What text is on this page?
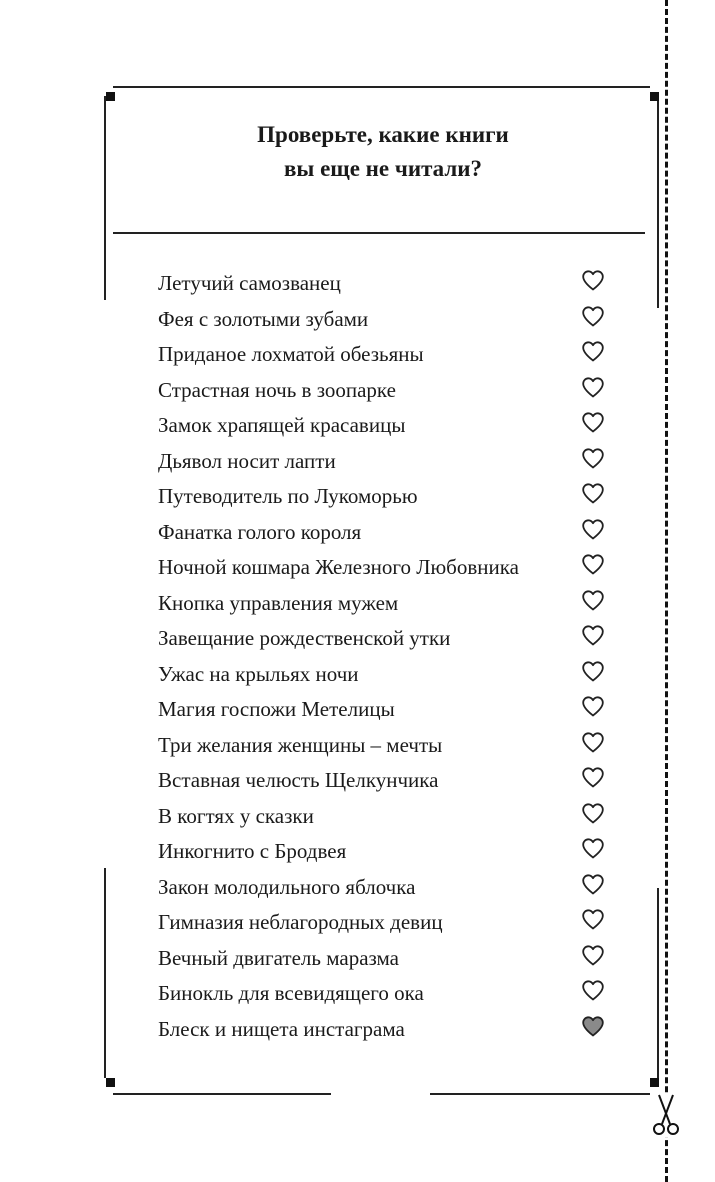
Проверьте, какие книги
вы еще не читали?
Летучий самозванец
Фея с золотыми зубами
Приданое лохматой обезьяны
Страстная ночь в зоопарке
Замок храпящей красавицы
Дьявол носит лапти
Путеводитель по Лукоморью
Фанатка голого короля
Ночной кошмара Железного Любовника
Кнопка управления мужем
Завещание рождественской утки
Ужас на крыльях ночи
Магия госпожи Метелицы
Три желания женщины – мечты
Вставная челюсть Щелкунчика
В когтях у сказки
Инкогнито с Бродвея
Закон молодильного яблочка
Гимназия неблагородных девиц
Вечный двигатель маразма
Бинокль для всевидящего ока
Блеск и нищета инстаграма
